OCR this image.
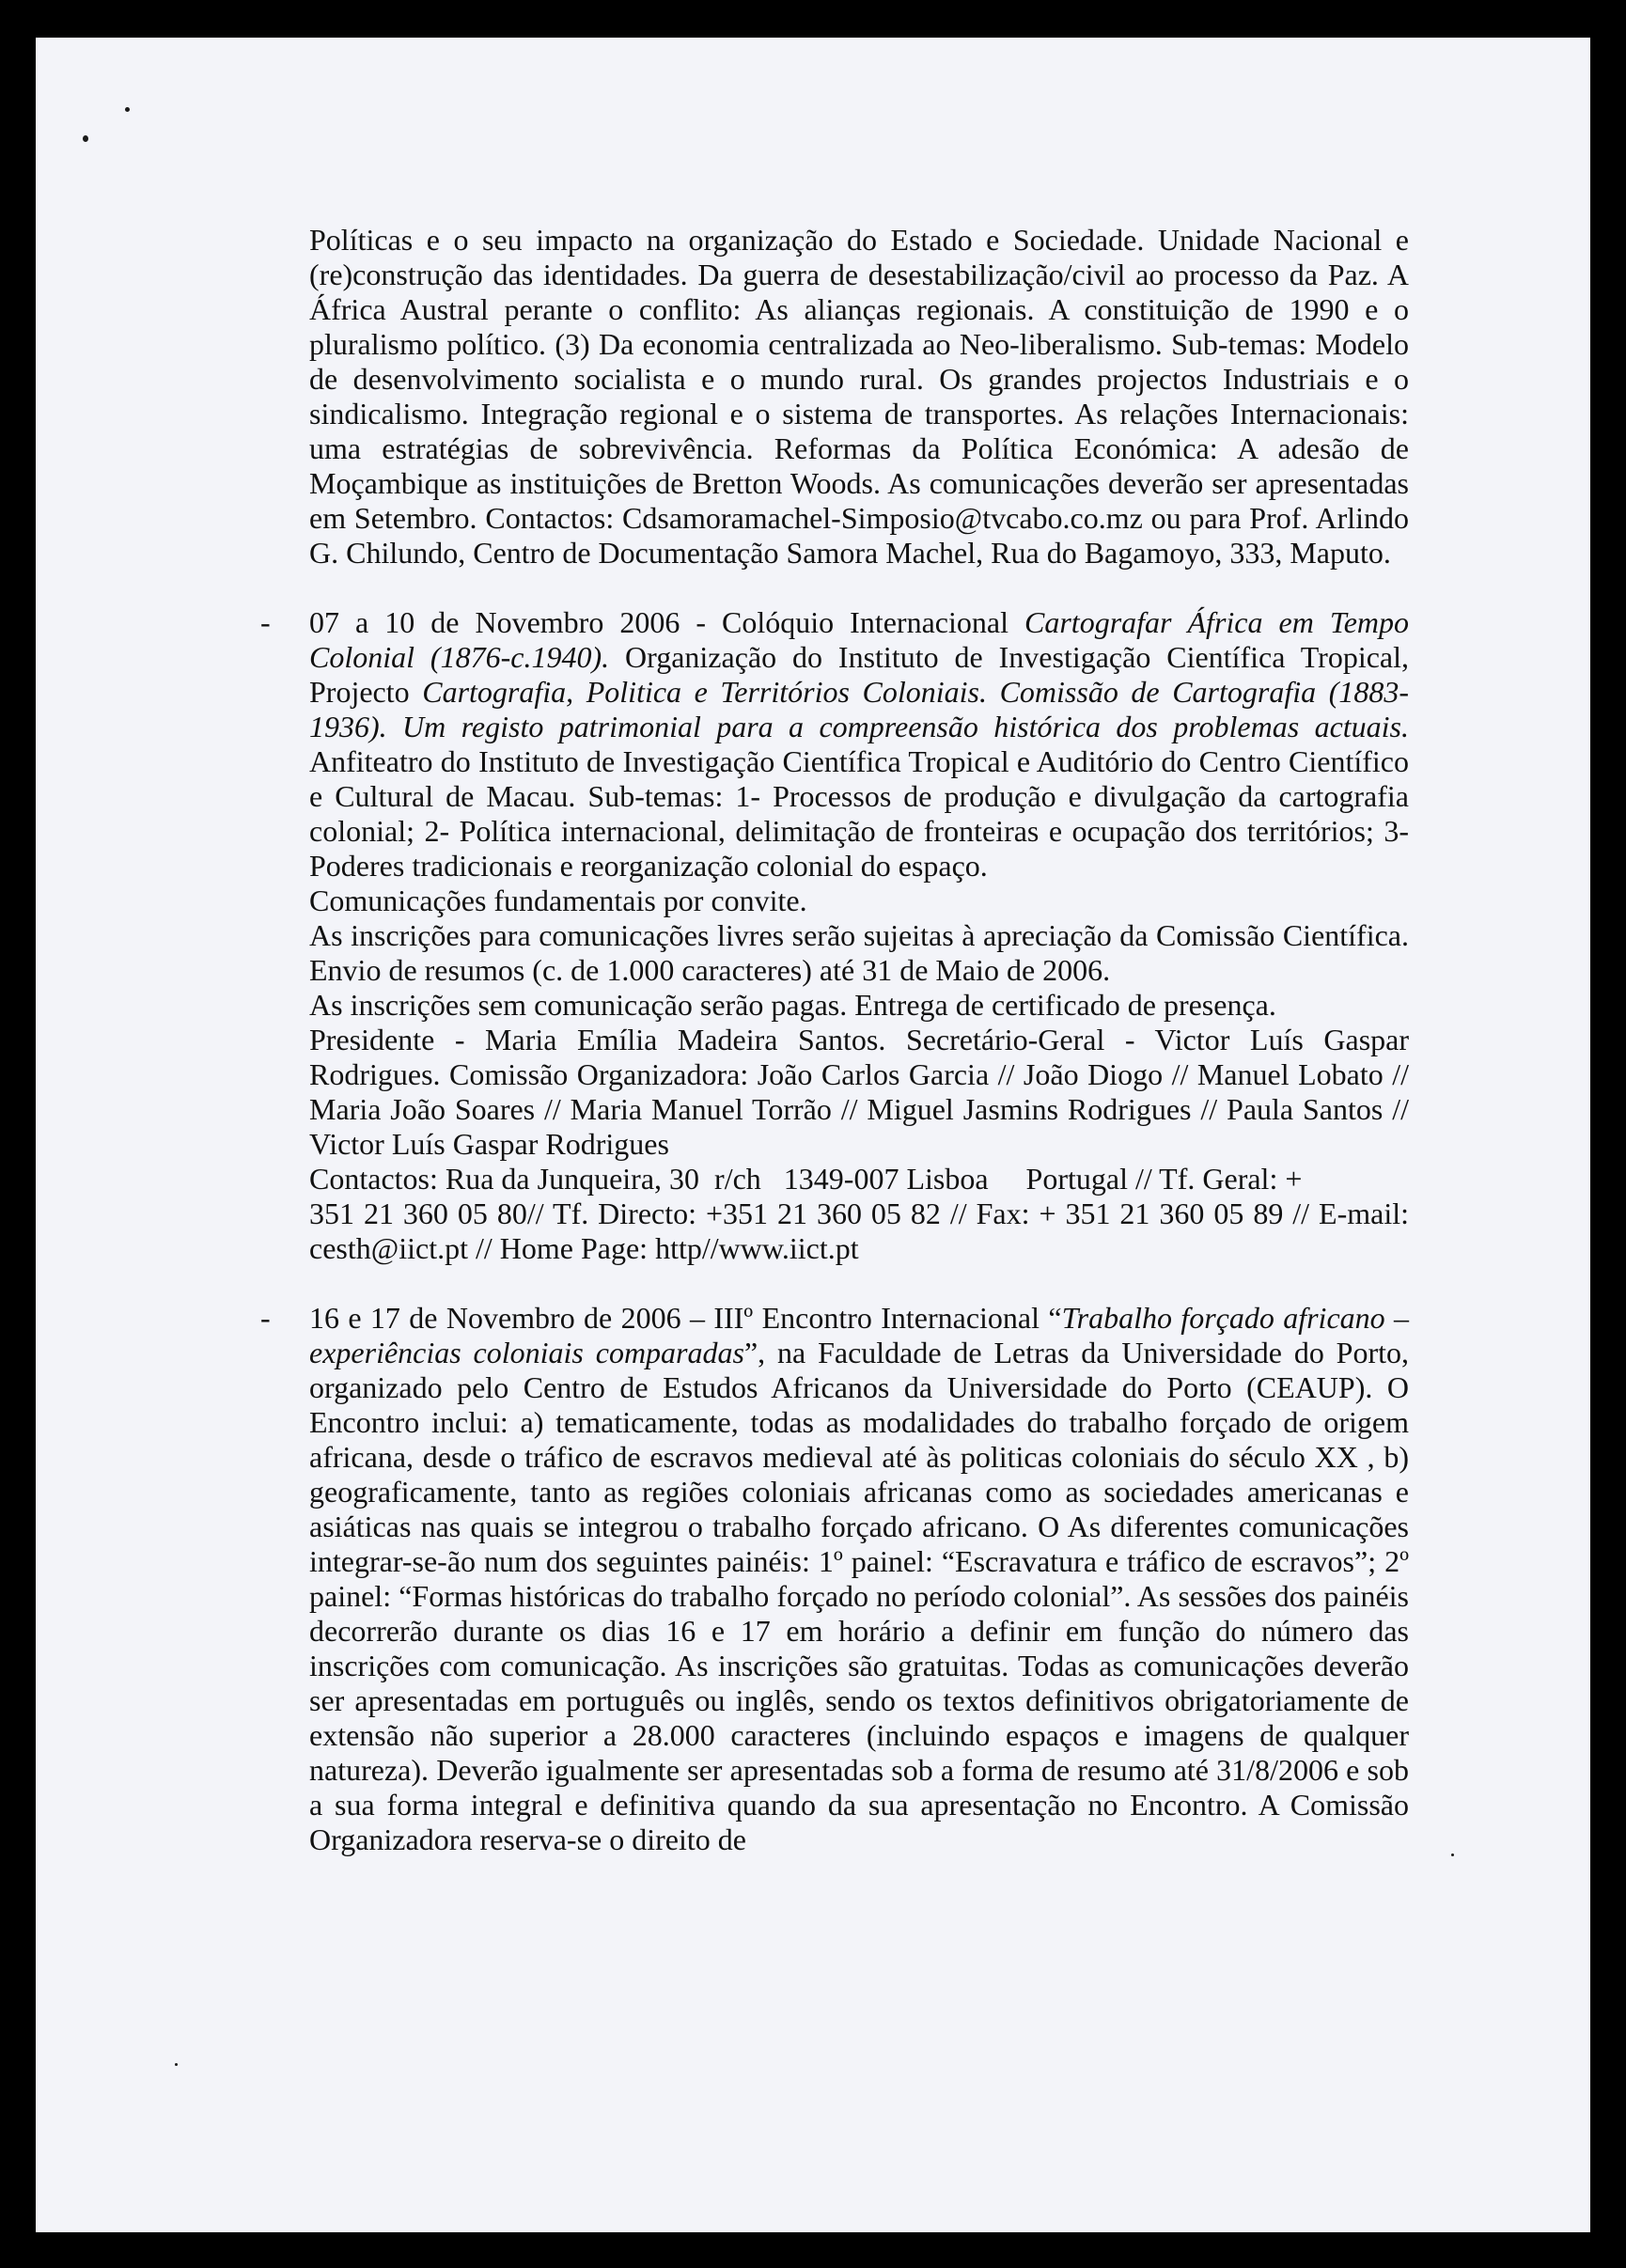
Políticas e o seu impacto na organização do Estado e Sociedade. Unidade Nacional e (re)construção das identidades. Da guerra de desestabilização/civil ao processo da Paz. A África Austral perante o conflito: As alianças regionais. A constituição de 1990 e o pluralismo político. (3) Da economia centralizada ao Neo-liberalismo. Sub-temas: Modelo de desenvolvimento socialista e o mundo rural. Os grandes projectos Industriais e o sindicalismo. Integração regional e o sistema de transportes. As relações Internacionais: uma estratégias de sobrevivência. Reformas da Política Económica: A adesão de Moçambique as instituições de Bretton Woods. As comunicações deverão ser apresentadas em Setembro. Contactos: Cdsamoramachel-Simposio@tvcabo.co.mz ou para Prof. Arlindo G. Chilundo, Centro de Documentação Samora Machel, Rua do Bagamoyo, 333, Maputo.

- 07 a 10 de Novembro 2006 - Colóquio Internacional Cartografar África em Tempo Colonial (1876-c.1940). Organização do Instituto de Investigação Científica Tropical, Projecto Cartografia, Politica e Territórios Coloniais. Comissão de Cartografia (1883-1936). Um registo patrimonial para a compreensão histórica dos problemas actuais. Anfiteatro do Instituto de Investigação Científica Tropical e Auditório do Centro Científico e Cultural de Macau. Sub-temas: 1- Processos de produção e divulgação da cartografia colonial; 2- Política internacional, delimitação de fronteiras e ocupação dos territórios; 3- Poderes tradicionais e reorganização colonial do espaço.

Comunicações fundamentais por convite.
As inscrições para comunicações livres serão sujeitas à apreciação da Comissão Científica. Envio de resumos (c. de 1.000 caracteres) até 31 de Maio de 2006.
As inscrições sem comunicação serão pagas. Entrega de certificado de presença.
Presidente - Maria Emília Madeira Santos. Secretário-Geral - Victor Luís Gaspar Rodrigues. Comissão Organizadora: João Carlos Garcia // João Diogo // Manuel Lobato // Maria João Soares // Maria Manuel Torrão // Miguel Jasmins Rodrigues // Paula Santos // Victor Luís Gaspar Rodrigues
Contactos: Rua da Junqueira, 30  r/ch   1349-007 Lisboa     Portugal // Tf. Geral: +
351 21 360 05 80// Tf. Directo: +351 21 360 05 82 // Fax: + 351 21 360 05 89 // E-mail: cesth@iict.pt // Home Page: http//www.iict.pt
- 16 e 17 de Novembro de 2006 – IIIº Encontro Internacional “Trabalho forçado africano – experiências coloniais comparadas”, na Faculdade de Letras da Universidade do Porto, organizado pelo Centro de Estudos Africanos da Universidade do Porto (CEAUP). O Encontro inclui: a) tematicamente, todas as modalidades do trabalho forçado de origem africana, desde o tráfico de escravos medieval até às politicas coloniais do século XX , b) geograficamente, tanto as regiões coloniais africanas como as sociedades americanas e asiáticas nas quais se integrou o trabalho forçado africano. O As diferentes comunicações integrar-se-ão num dos seguintes painéis: 1º painel: “Escravatura e tráfico de escravos”; 2º painel: “Formas históricas do trabalho forçado no período colonial”. As sessões dos painéis decorrerão durante os dias 16 e 17 em horário a definir em função do número das inscrições com comunicação. As inscrições são gratuitas. Todas as comunicações deverão ser apresentadas em português ou inglês, sendo os textos definitivos obrigatoriamente de extensão não superior a 28.000 caracteres (incluindo espaços e imagens de qualquer natureza). Deverão igualmente ser apresentadas sob a forma de resumo até 31/8/2006 e sob a sua forma integral e definitiva quando da sua apresentação no Encontro. A Comissão Organizadora reserva-se o direito de
